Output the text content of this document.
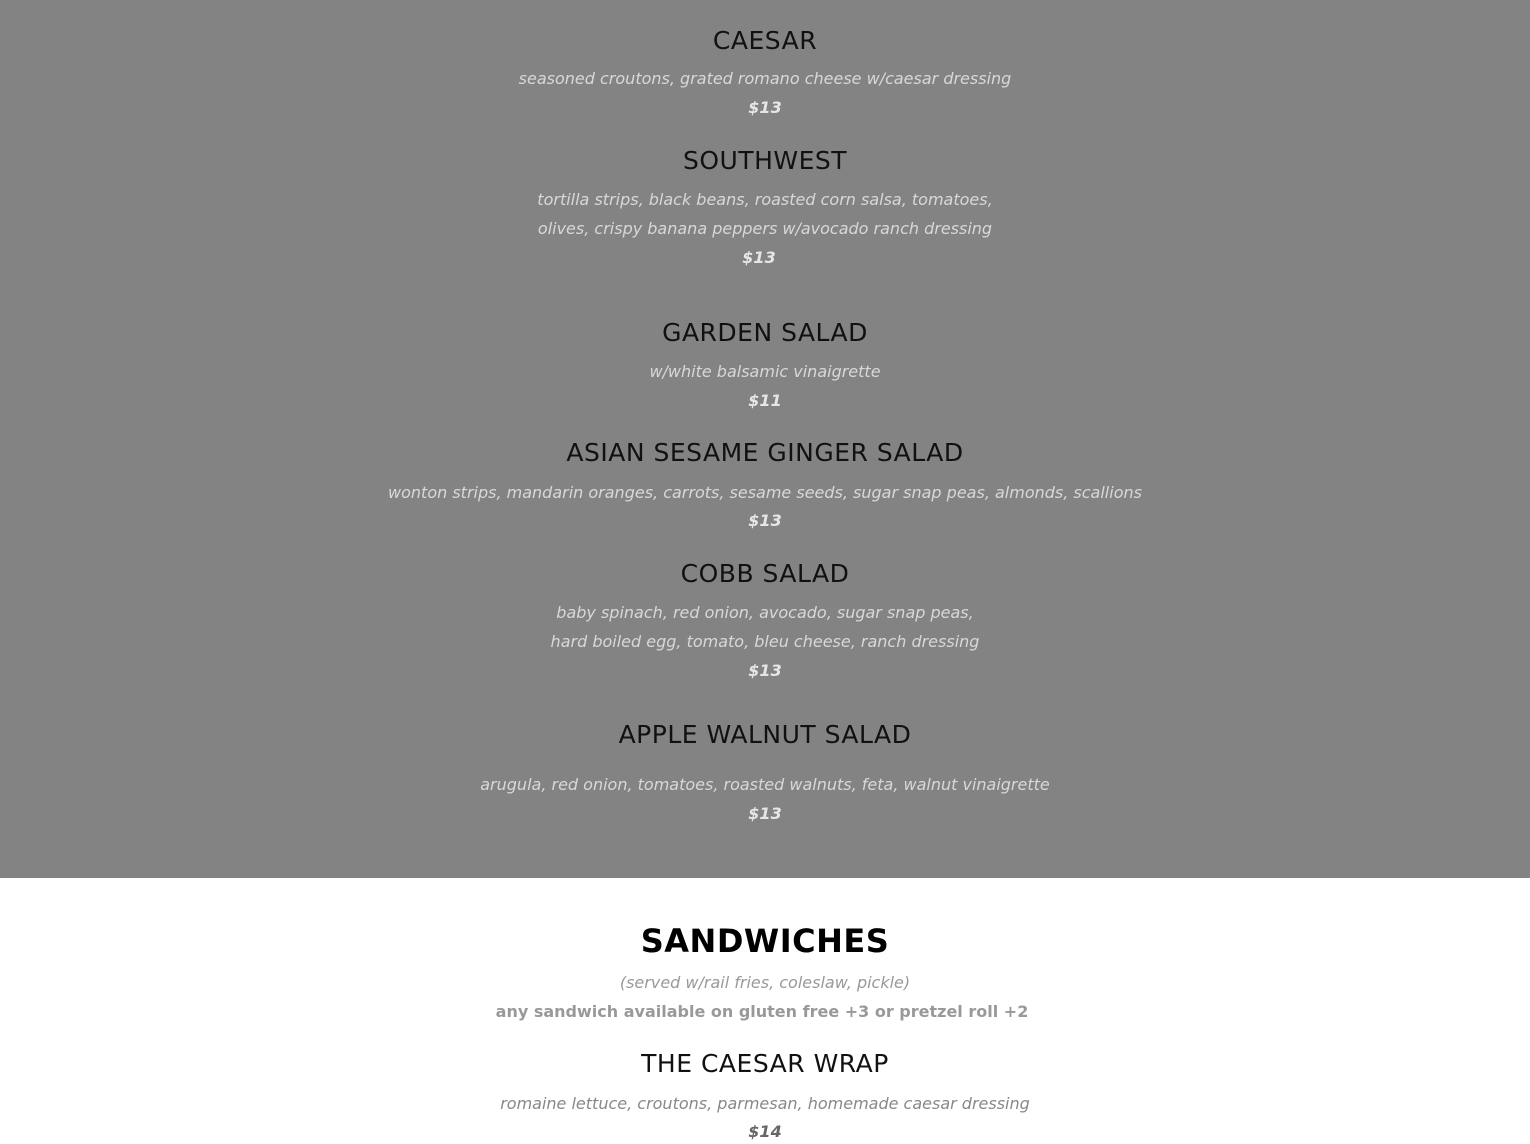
CAESAR

seasoned croutons, grated romano cheese w/caesar dressing

$13

SOUTHWEST

tortilla strips, black beans, roasted corn salsa, tomatoes,

olives, crispy banana peppers w/avocado ranch dressing

$13

GARDEN SALAD

w/white balsamic vinaigrette

$11

ASIAN SESAME GINGER SALAD

wonton strips, mandarin oranges, carrots, sesame seeds, sugar snap peas, almonds, scallions

$13

COBB SALAD

baby spinach, red onion, avocado, sugar snap peas,

hard boiled egg, tomato, bleu cheese, ranch dressing

$13

APPLE WALNUT SALAD

arugula, red onion, tomatoes, roasted walnuts, feta, walnut vinaigrette

$13

SANDWICHES

(served w/rail fries, coleslaw, pickle)

any sandwich available on gluten free +3 or pretzel roll +2

THE CAESAR WRAP

romaine lettuce, croutons, parmesan, homemade caesar dressing

$14
